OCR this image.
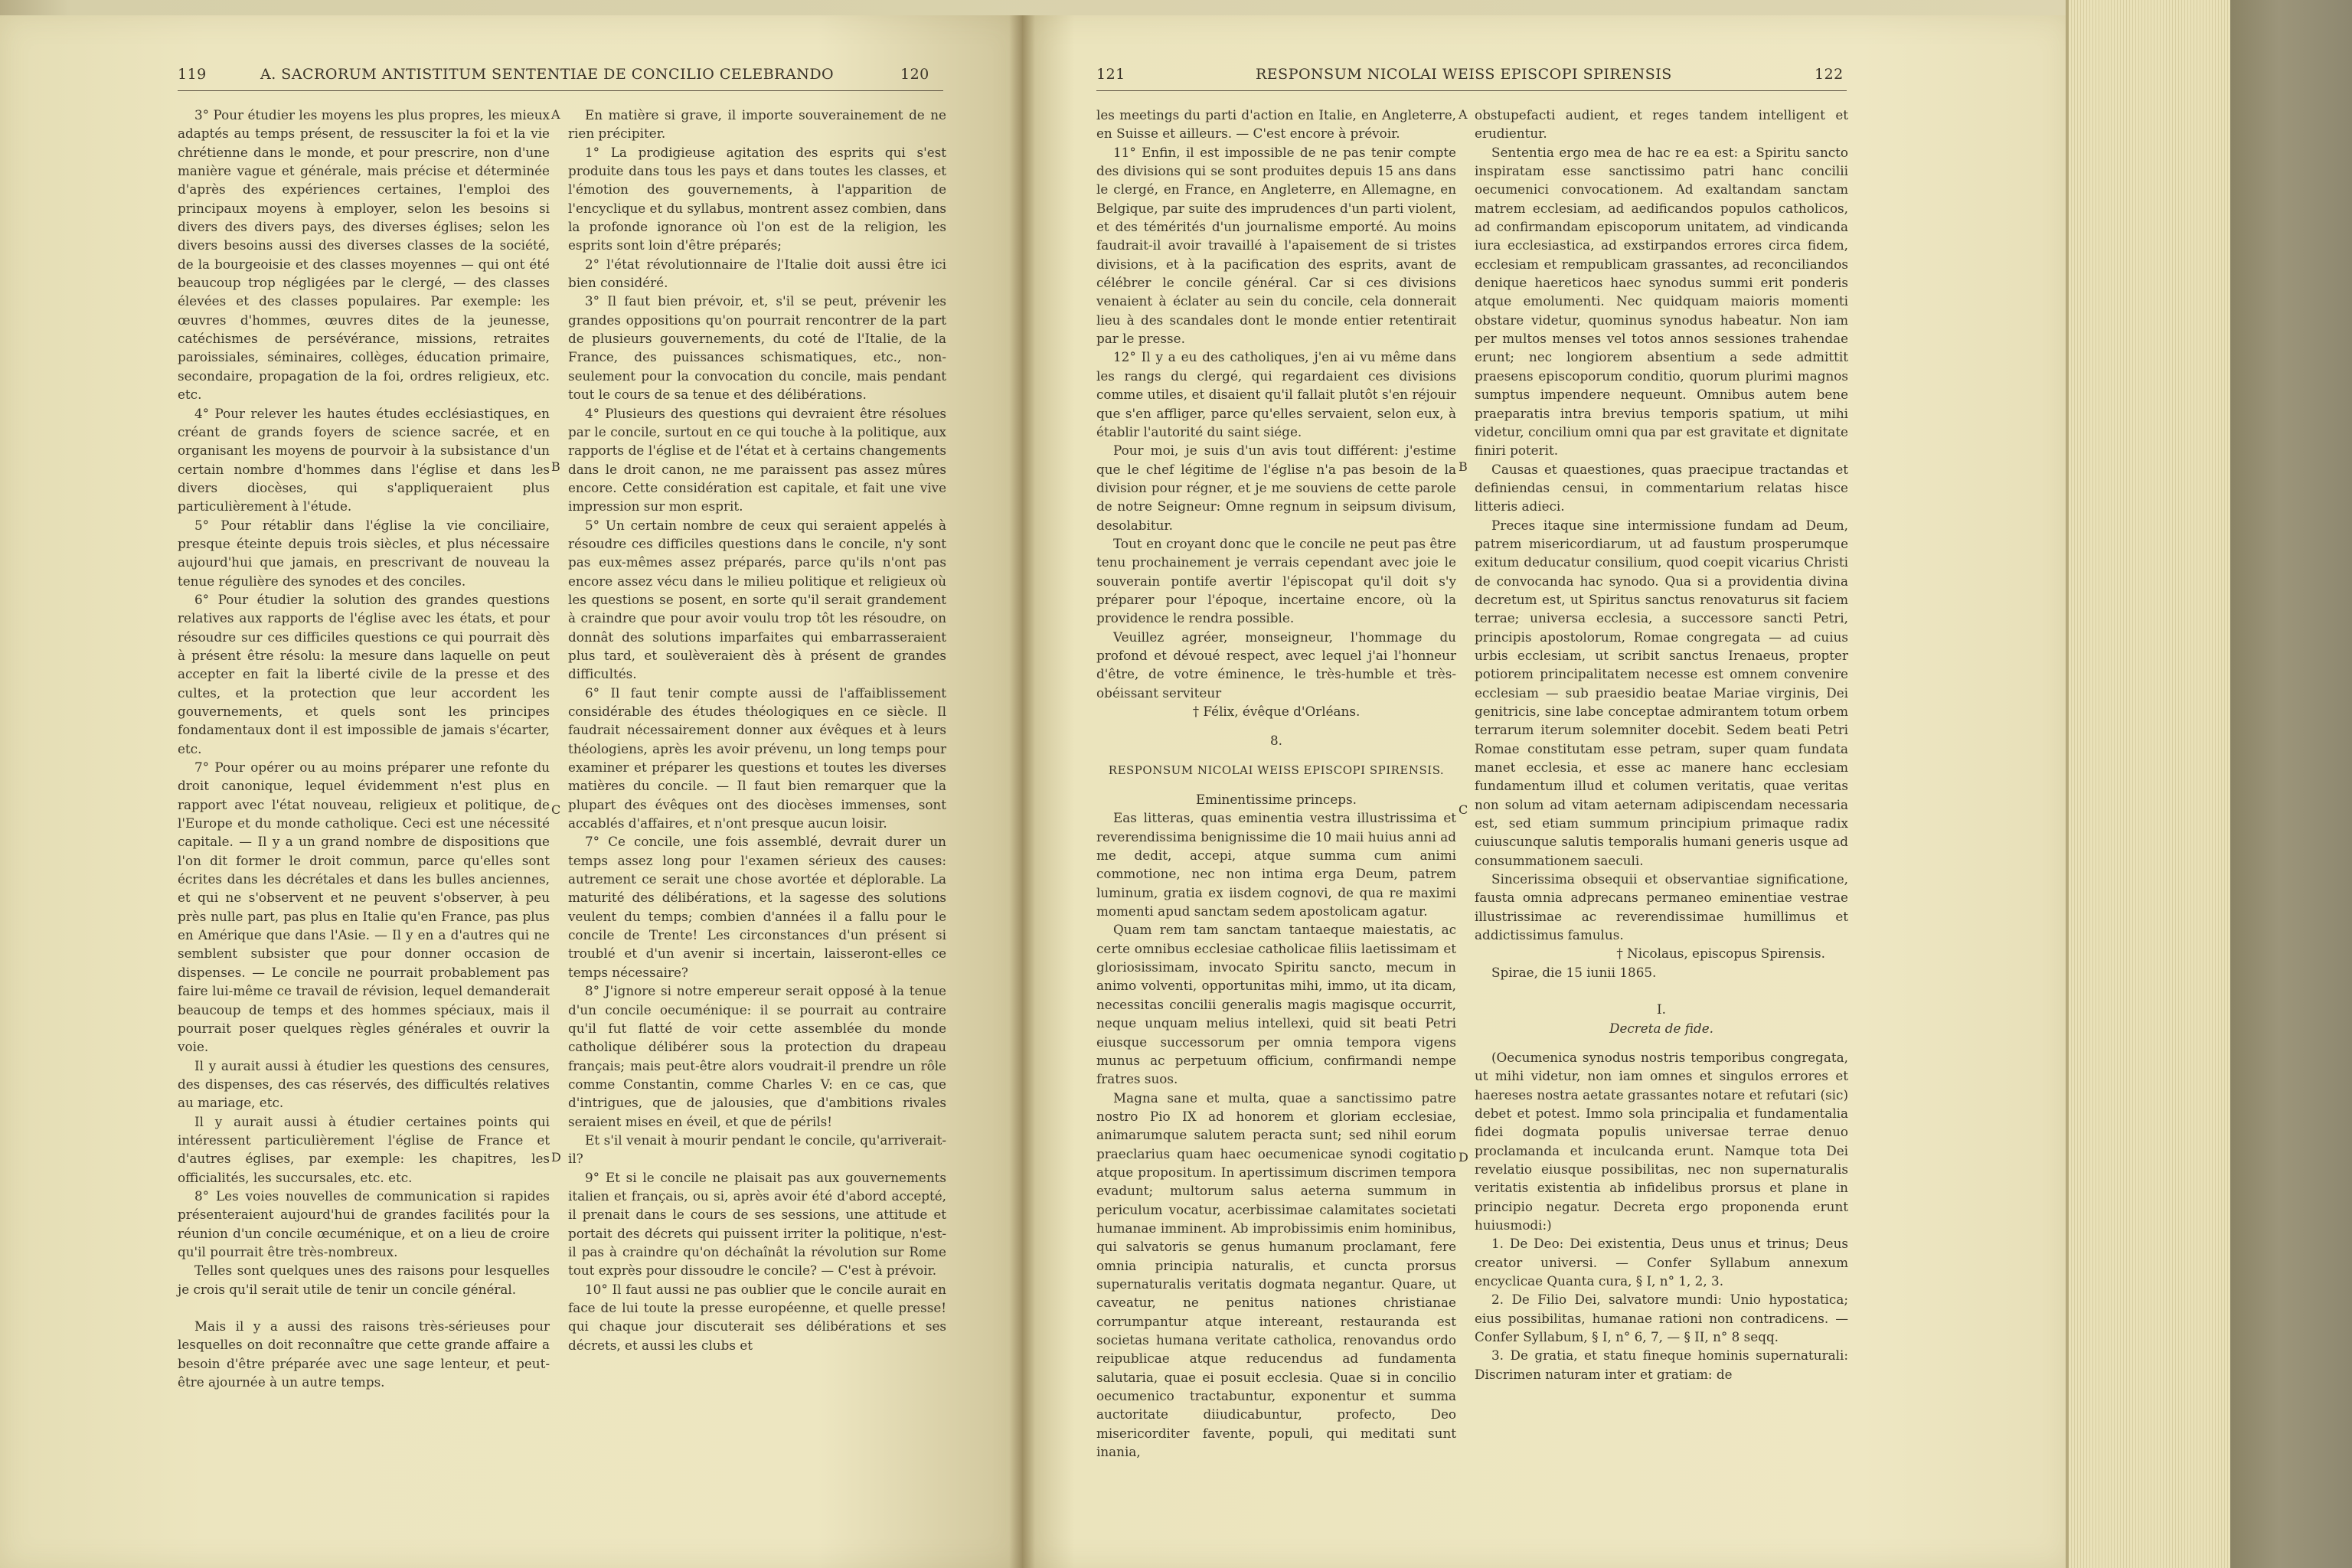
119	A. SACRORUM ANTISTITUM SENTENTIAE DE CONCILIO CELEBRANDO	120

3° Pour étudier les moyens les plus propres, les mieux adaptés au temps présent, de ressusciter la foi et la vie chrétienne dans le monde, et pour prescrire, non d'une manière vague et générale, mais précise et déterminée d'après des expériences certaines, l'emploi des principaux moyens à employer, selon les besoins si divers des divers pays, des diverses églises; selon les divers besoins aussi des diverses classes de la société, de la bourgeoisie et des classes moyennes — qui ont été beaucoup trop négligées par le clergé, — des classes élevées et des classes populaires. Par exemple: les œuvres d'hommes, œuvres dites de la jeunesse, catéchismes de persévérance, missions, retraites paroissiales, séminaires, collèges, éducation primaire, secondaire, propagation de la foi, ordres religieux, etc. etc.

4° Pour relever les hautes études ecclésiastiques, en créant de grands foyers de science sacrée, et en organisant les moyens de pourvoir à la subsistance d'un certain nombre d'hommes dans l'église et dans les divers diocèses, qui s'appliqueraient plus particulièrement à l'étude.

5° Pour rétablir dans l'église la vie conciliaire, presque éteinte depuis trois siècles, et plus nécessaire aujourd'hui que jamais, en prescrivant de nouveau la tenue régulière des synodes et des conciles.

6° Pour étudier la solution des grandes questions relatives aux rapports de l'église avec les états, et pour résoudre sur ces difficiles questions ce qui pourrait dès à présent être résolu: la mesure dans laquelle on peut accepter en fait la liberté civile de la presse et des cultes, et la protection que leur accordent les gouvernements, et quels sont les principes fondamentaux dont il est impossible de jamais s'écarter, etc.

7° Pour opérer ou au moins préparer une refonte du droit canonique, lequel évidemment n'est plus en rapport avec l'état nouveau, religieux et politique, de l'Europe et du monde catholique. Ceci est une nécessité capitale. — Il y a un grand nombre de dispositions que l'on dit former le droit commun, parce qu'elles sont écrites dans les décrétales et dans les bulles anciennes, et qui ne s'observent et ne peuvent s'observer, à peu près nulle part, pas plus en Italie qu'en France, pas plus en Amérique que dans l'Asie. — Il y en a d'autres qui ne semblent subsister que pour donner occasion de dispenses. — Le concile ne pourrait probablement pas faire lui-même ce travail de révision, lequel demanderait beaucoup de temps et des hommes spéciaux, mais il pourrait poser quelques règles générales et ouvrir la voie.

Il y aurait aussi à étudier les questions des censures, des dispenses, des cas réservés, des difficultés relatives au mariage, etc.

Il y aurait aussi à étudier certaines points qui intéressent particulièrement l'église de France et d'autres églises, par exemple: les chapitres, les officialités, les succursales, etc. etc.

8° Les voies nouvelles de communication si rapides présenteraient aujourd'hui de grandes facilités pour la réunion d'un concile œcuménique, et on a lieu de croire qu'il pourrait être très-nombreux.

Telles sont quelques unes des raisons pour lesquelles je crois qu'il serait utile de tenir un concile général.

Mais il y a aussi des raisons très-sérieuses pour lesquelles on doit reconnaître que cette grande affaire a besoin d'être préparée avec une sage lenteur, et peut-être ajournée à un autre temps.

A
B
C
D

En matière si grave, il importe souverainement de ne rien précipiter.

1° La prodigieuse agitation des esprits qui s'est produite dans tous les pays et dans toutes les classes, et l'émotion des gouvernements, à l'apparition de l'encyclique et du syllabus, montrent assez combien, dans la profonde ignorance où l'on est de la religion, les esprits sont loin d'être préparés;

2° l'état révolutionnaire de l'Italie doit aussi être ici bien considéré.

3° Il faut bien prévoir, et, s'il se peut, prévenir les grandes oppositions qu'on pourrait rencontrer de la part de plusieurs gouvernements, du coté de l'Italie, de la France, des puissances schismatiques, etc., non-seulement pour la convocation du concile, mais pendant tout le cours de sa tenue et des délibérations.

4° Plusieurs des questions qui devraient être résolues par le concile, surtout en ce qui touche à la politique, aux rapports de l'église et de l'état et à certains changements dans le droit canon, ne me paraissent pas assez mûres encore. Cette considération est capitale, et fait une vive impression sur mon esprit.

5° Un certain nombre de ceux qui seraient appelés à résoudre ces difficiles questions dans le concile, n'y sont pas eux-mêmes assez préparés, parce qu'ils n'ont pas encore assez vécu dans le milieu politique et religieux où les questions se posent, en sorte qu'il serait grandement à craindre que pour avoir voulu trop tôt les résoudre, on donnât des solutions imparfaites qui embarrasseraient plus tard, et soulèveraient dès à présent de grandes difficultés.

6° Il faut tenir compte aussi de l'affaiblissement considérable des études théologiques en ce siècle. Il faudrait nécessairement donner aux évêques et à leurs théologiens, après les avoir prévenu, un long temps pour examiner et préparer les questions et toutes les diverses matières du concile. — Il faut bien remarquer que la plupart des évêques ont des diocèses immenses, sont accablés d'affaires, et n'ont presque aucun loisir.

7° Ce concile, une fois assemblé, devrait durer un temps assez long pour l'examen sérieux des causes: autrement ce serait une chose avortée et déplorable. La maturité des délibérations, et la sagesse des solutions veulent du temps; combien d'années il a fallu pour le concile de Trente! Les circonstances d'un présent si troublé et d'un avenir si incertain, laisseront-elles ce temps nécessaire?

8° J'ignore si notre empereur serait opposé à la tenue d'un concile oecuménique: il se pourrait au contraire qu'il fut flatté de voir cette assemblée du monde catholique délibérer sous la protection du drapeau français; mais peut-être alors voudrait-il prendre un rôle comme Constantin, comme Charles V: en ce cas, que d'intrigues, que de jalousies, que d'ambitions rivales seraient mises en éveil, et que de périls!

Et s'il venait à mourir pendant le concile, qu'arriverait-il?

9° Et si le concile ne plaisait pas aux gouvernements italien et français, ou si, après avoir été d'abord accepté, il prenait dans le cours de ses sessions, une attitude et portait des décrets qui puissent irriter la politique, n'est-il pas à craindre qu'on déchaînât la révolution sur Rome tout exprès pour dissoudre le concile? — C'est à prévoir.

10° Il faut aussi ne pas oublier que le concile aurait en face de lui toute la presse européenne, et quelle presse! qui chaque jour discuterait ses délibérations et ses décrets, et aussi les clubs et

121	RESPONSUM NICOLAI WEISS EPISCOPI SPIRENSIS	122

les meetings du parti d'action en Italie, en Angleterre, en Suisse et ailleurs. — C'est encore à prévoir.

11° Enfin, il est impossible de ne pas tenir compte des divisions qui se sont produites depuis 15 ans dans le clergé, en France, en Angleterre, en Allemagne, en Belgique, par suite des imprudences d'un parti violent, et des témérités d'un journalisme emporté. Au moins faudrait-il avoir travaillé à l'apaisement de si tristes divisions, et à la pacification des esprits, avant de célébrer le concile général. Car si ces divisions venaient à éclater au sein du concile, cela donnerait lieu à des scandales dont le monde entier retentirait par le presse.

12° Il y a eu des catholiques, j'en ai vu même dans les rangs du clergé, qui regardaient ces divisions comme utiles, et disaient qu'il fallait plutôt s'en réjouir que s'en affliger, parce qu'elles servaient, selon eux, à établir l'autorité du saint siége.

Pour moi, je suis d'un avis tout différent: j'estime que le chef légitime de l'église n'a pas besoin de la division pour régner, et je me souviens de cette parole de notre Seigneur: Omne regnum in seipsum divisum, desolabitur.

Tout en croyant donc que le concile ne peut pas être tenu prochainement je verrais cependant avec joie le souverain pontife avertir l'épiscopat qu'il doit s'y préparer pour l'époque, incertaine encore, où la providence le rendra possible.

Veuillez agréer, monseigneur, l'hommage du profond et dévoué respect, avec lequel j'ai l'honneur d'être, de votre éminence, le très-humble et très-obéissant serviteur

† Félix, évêque d'Orléans.

8.

RESPONSUM NICOLAI WEISS EPISCOPI SPIRENSIS.

Eminentissime princeps.

Eas litteras, quas eminentia vestra illustrissima et reverendissima benignissime die 10 maii huius anni ad me dedit, accepi, atque summa cum animi commotione, nec non intima erga Deum, patrem luminum, gratia ex iisdem cognovi, de qua re maximi momenti apud sanctam sedem apostolicam agatur.

Quam rem tam sanctam tantaeque maiestatis, ac certe omnibus ecclesiae catholicae filiis laetissimam et gloriosissimam, invocato Spiritu sancto, mecum in animo volventi, opportunitas mihi, immo, ut ita dicam, necessitas concilii generalis magis magisque occurrit, neque unquam melius intellexi, quid sit beati Petri eiusque successorum per omnia tempora vigens munus ac perpetuum officium, confirmandi nempe fratres suos.

Magna sane et multa, quae a sanctissimo patre nostro Pio IX ad honorem et gloriam ecclesiae, animarumque salutem peracta sunt; sed nihil eorum praeclarius quam haec oecumenicae synodi cogitatio atque propositum. In apertissimum discrimen tempora evadunt; multorum salus aeterna summum in periculum vocatur, acerbissimae calamitates societati humanae imminent. Ab improbissimis enim hominibus, qui salvatoris se genus humanum proclamant, fere omnia principia naturalis, et cuncta prorsus supernaturalis veritatis dogmata negantur. Quare, ut caveatur, ne penitus nationes christianae corrumpantur atque intereant, restauranda est societas humana veritate catholica, renovandus ordo reipublicae atque reducendus ad fundamenta salutaria, quae ei posuit ecclesia. Quae si in concilio oecumenico tractabuntur, exponentur et summa auctoritate diiudicabuntur, profecto, Deo misericorditer favente, populi, qui meditati sunt inania,

A
B
C
D

obstupefacti audient, et reges tandem intelligent et erudientur.

Sententia ergo mea de hac re ea est: a Spiritu sancto inspiratam esse sanctissimo patri hanc concilii oecumenici convocationem. Ad exaltandam sanctam matrem ecclesiam, ad aedificandos populos catholicos, ad confirmandam episcoporum unitatem, ad vindicanda iura ecclesiastica, ad exstirpandos errores circa fidem, ecclesiam et rempublicam grassantes, ad reconciliandos denique haereticos haec synodus summi erit ponderis atque emolumenti. Nec quidquam maioris momenti obstare videtur, quominus synodus habeatur. Non iam per multos menses vel totos annos sessiones trahendae erunt; nec longiorem absentium a sede admittit praesens episcoporum conditio, quorum plurimi magnos sumptus impendere nequeunt. Omnibus autem bene praeparatis intra brevius temporis spatium, ut mihi videtur, concilium omni qua par est gravitate et dignitate finiri poterit.

Causas et quaestiones, quas praecipue tractandas et definiendas censui, in commentarium relatas hisce litteris adieci.

Preces itaque sine intermissione fundam ad Deum, patrem misericordiarum, ut ad faustum prosperumque exitum deducatur consilium, quod coepit vicarius Christi de convocanda hac synodo. Qua si a providentia divina decretum est, ut Spiritus sanctus renovaturus sit faciem terrae; universa ecclesia, a successore sancti Petri, principis apostolorum, Romae congregata — ad cuius urbis ecclesiam, ut scribit sanctus Irenaeus, propter potiorem principalitatem necesse est omnem convenire ecclesiam — sub praesidio beatae Mariae virginis, Dei genitricis, sine labe conceptae admirantem totum orbem terrarum iterum solemniter docebit. Sedem beati Petri Romae constitutam esse petram, super quam fundata manet ecclesia, et esse ac manere hanc ecclesiam fundamentum illud et columen veritatis, quae veritas non solum ad vitam aeternam adipiscendam necessaria est, sed etiam summum principium primaque radix cuiuscunque salutis temporalis humani generis usque ad consummationem saeculi.

Sincerissima obsequii et observantiae significatione, fausta omnia adprecans permaneo eminentiae vestrae illustrissimae ac reverendissimae humillimus et addictissimus famulus.

† Nicolaus, episcopus Spirensis.

Spirae, die 15 iunii 1865.

I.

Decreta de fide.

(Oecumenica synodus nostris temporibus congregata, ut mihi videtur, non iam omnes et singulos errores et haereses nostra aetate grassantes notare et refutari (sic) debet et potest. Immo sola principalia et fundamentalia fidei dogmata populis universae terrae denuo proclamanda et inculcanda erunt. Namque tota Dei revelatio eiusque possibilitas, nec non supernaturalis veritatis existentia ab infidelibus prorsus et plane in principio negatur. Decreta ergo proponenda erunt huiusmodi:)

1. De Deo: Dei existentia, Deus unus et trinus; Deus creator universi. — Confer Syllabum annexum encyclicae Quanta cura, § I, n° 1, 2, 3.

2. De Filio Dei, salvatore mundi: Unio hypostatica; eius possibilitas, humanae rationi non contradicens. — Confer Syllabum, § I, n° 6, 7, — § II, n° 8 seqq.

3. De gratia, et statu fineque hominis supernaturali: Discrimen naturam inter et gratiam: de
